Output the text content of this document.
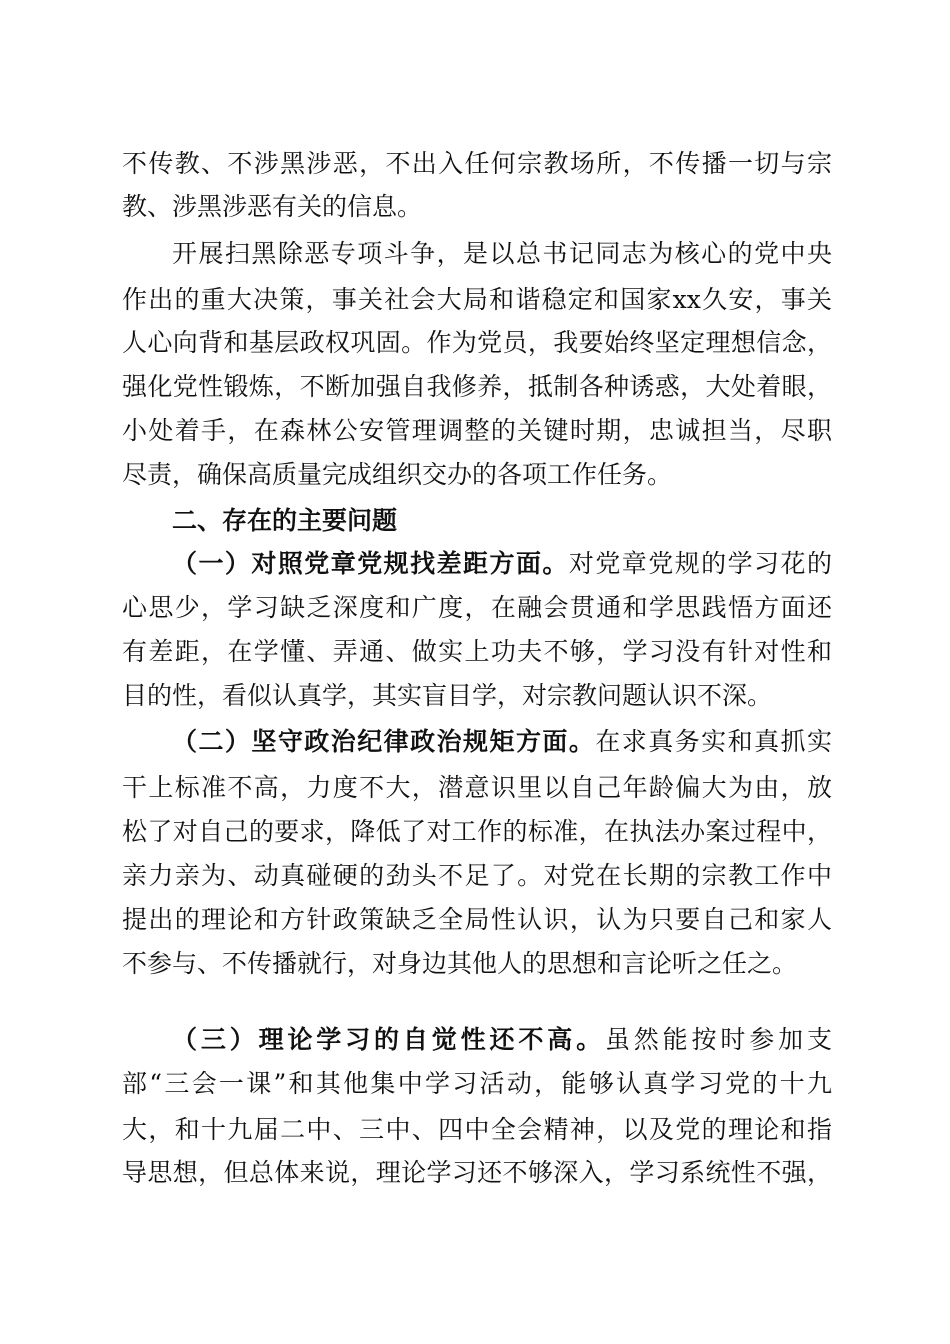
不传教、不涉黑涉恶，不出入任何宗教场所，不传播一切与宗

教、涉黑涉恶有关的信息。

开展扫黑除恶专项斗争，是以总书记同志为核心的党中央

作出的重大决策，事关社会大局和谐稳定和国家xx久安，事关

人心向背和基层政权巩固。作为党员，我要始终坚定理想信念，

强化党性锻炼，不断加强自我修养，抵制各种诱惑，大处着眼，

小处着手，在森林公安管理调整的关键时期，忠诚担当，尽职

尽责，确保高质量完成组织交办的各项工作任务。

二、存在的主要问题

（一）对照党章党规找差距方面。对党章党规的学习花的

心思少，学习缺乏深度和广度，在融会贯通和学思践悟方面还

有差距，在学懂、弄通、做实上功夫不够，学习没有针对性和

目的性，看似认真学，其实盲目学，对宗教问题认识不深。

（二）坚守政治纪律政治规矩方面。在求真务实和真抓实

干上标准不高，力度不大，潜意识里以自己年龄偏大为由，放

松了对自己的要求，降低了对工作的标准，在执法办案过程中，

亲力亲为、动真碰硬的劲头不足了。对党在长期的宗教工作中

提出的理论和方针政策缺乏全局性认识，认为只要自己和家人

不参与、不传播就行，对身边其他人的思想和言论听之任之。

（三）理论学习的自觉性还不高。虽然能按时参加支

部“三会一课”和其他集中学习活动，能够认真学习党的十九

大，和十九届二中、三中、四中全会精神，以及党的理论和指

导思想，但总体来说，理论学习还不够深入，学习系统性不强，
